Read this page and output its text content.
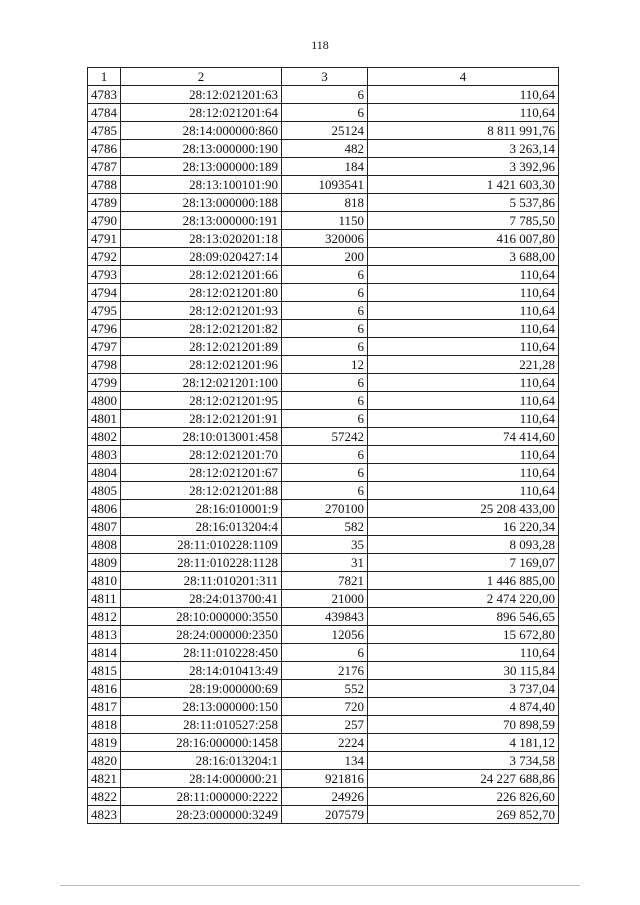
118
1	2	3	4
4783	28:12:021201:63	6	110,64
4784	28:12:021201:64	6	110,64
4785	28:14:000000:860	25124	8 811 991,76
4786	28:13:000000:190	482	3 263,14
4787	28:13:000000:189	184	3 392,96
4788	28:13:100101:90	1093541	1 421 603,30
4789	28:13:000000:188	818	5 537,86
4790	28:13:000000:191	1150	7 785,50
4791	28:13:020201:18	320006	416 007,80
4792	28:09:020427:14	200	3 688,00
4793	28:12:021201:66	6	110,64
4794	28:12:021201:80	6	110,64
4795	28:12:021201:93	6	110,64
4796	28:12:021201:82	6	110,64
4797	28:12:021201:89	6	110,64
4798	28:12:021201:96	12	221,28
4799	28:12:021201:100	6	110,64
4800	28:12:021201:95	6	110,64
4801	28:12:021201:91	6	110,64
4802	28:10:013001:458	57242	74 414,60
4803	28:12:021201:70	6	110,64
4804	28:12:021201:67	6	110,64
4805	28:12:021201:88	6	110,64
4806	28:16:010001:9	270100	25 208 433,00
4807	28:16:013204:4	582	16 220,34
4808	28:11:010228:1109	35	8 093,28
4809	28:11:010228:1128	31	7 169,07
4810	28:11:010201:311	7821	1 446 885,00
4811	28:24:013700:41	21000	2 474 220,00
4812	28:10:000000:3550	439843	896 546,65
4813	28:24:000000:2350	12056	15 672,80
4814	28:11:010228:450	6	110,64
4815	28:14:010413:49	2176	30 115,84
4816	28:19:000000:69	552	3 737,04
4817	28:13:000000:150	720	4 874,40
4818	28:11:010527:258	257	70 898,59
4819	28:16:000000:1458	2224	4 181,12
4820	28:16:013204:1	134	3 734,58
4821	28:14:000000:21	921816	24 227 688,86
4822	28:11:000000:2222	24926	226 826,60
4823	28:23:000000:3249	207579	269 852,70
